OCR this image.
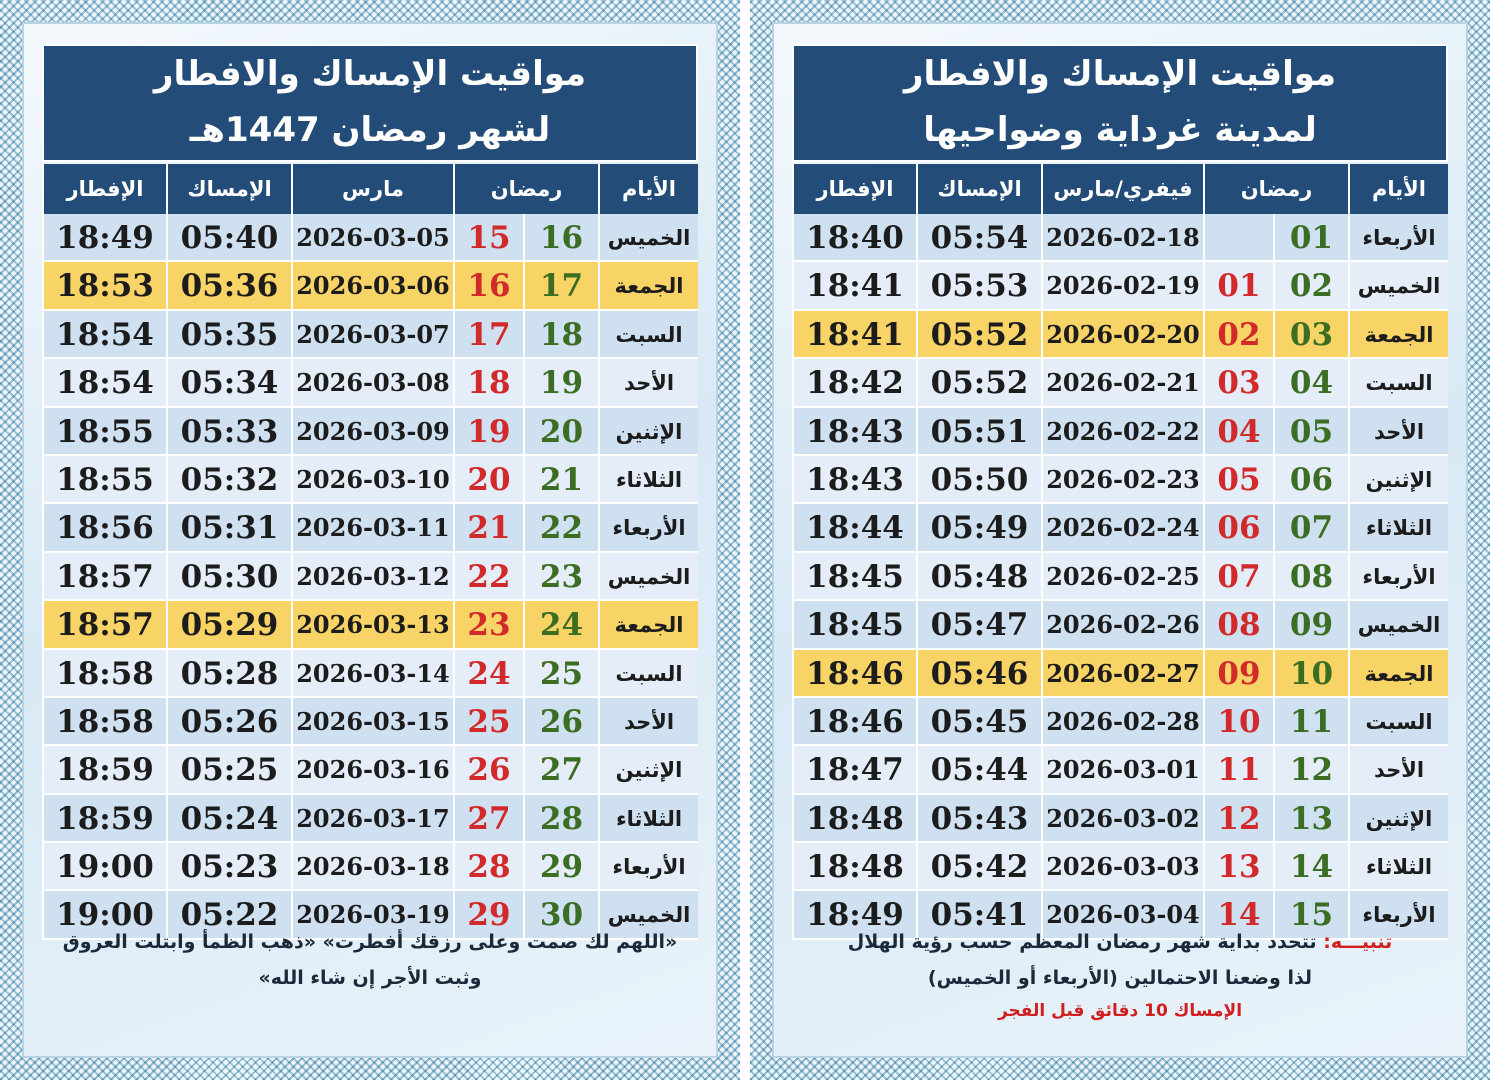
مواقيت الإمساك والافطار
لشهر رمضان 1447هـ
الأيام
رمضان
مارس
الإمساك
الإفطار
الخميس
16
15
2026-03-05
05:40
18:49
الجمعة
17
16
2026-03-06
05:36
18:53
السبت
18
17
2026-03-07
05:35
18:54
الأحد
19
18
2026-03-08
05:34
18:54
الإثنين
20
19
2026-03-09
05:33
18:55
الثلاثاء
21
20
2026-03-10
05:32
18:55
الأربعاء
22
21
2026-03-11
05:31
18:56
الخميس
23
22
2026-03-12
05:30
18:57
الجمعة
24
23
2026-03-13
05:29
18:57
السبت
25
24
2026-03-14
05:28
18:58
الأحد
26
25
2026-03-15
05:26
18:58
الإثنين
27
26
2026-03-16
05:25
18:59
الثلاثاء
28
27
2026-03-17
05:24
18:59
الأربعاء
29
28
2026-03-18
05:23
19:00
الخميس
30
29
2026-03-19
05:22
19:00
«اللهم لك صمت وعلى رزقك أفطرت» «ذهب الظمأ وابتلت العروق
وثبت الأجر إن شاء الله»
مواقيت الإمساك والافطار
لمدينة غرداية وضواحيها
الأيام
رمضان
فيفري/مارس
الإمساك
الإفطار
الأربعاء
01
2026-02-18
05:54
18:40
الخميس
02
01
2026-02-19
05:53
18:41
الجمعة
03
02
2026-02-20
05:52
18:41
السبت
04
03
2026-02-21
05:52
18:42
الأحد
05
04
2026-02-22
05:51
18:43
الإثنين
06
05
2026-02-23
05:50
18:43
الثلاثاء
07
06
2026-02-24
05:49
18:44
الأربعاء
08
07
2026-02-25
05:48
18:45
الخميس
09
08
2026-02-26
05:47
18:45
الجمعة
10
09
2026-02-27
05:46
18:46
السبت
11
10
2026-02-28
05:45
18:46
الأحد
12
11
2026-03-01
05:44
18:47
الإثنين
13
12
2026-03-02
05:43
18:48
الثلاثاء
14
13
2026-03-03
05:42
18:48
الأربعاء
15
14
2026-03-04
05:41
18:49
تنبيـــه: تتحدد بداية شهر رمضان المعظم حسب رؤية الهلال
لذا وضعنا الاحتمالين (الأربعاء أو الخميس)
الإمساك 10 دقائق قبل الفجر
